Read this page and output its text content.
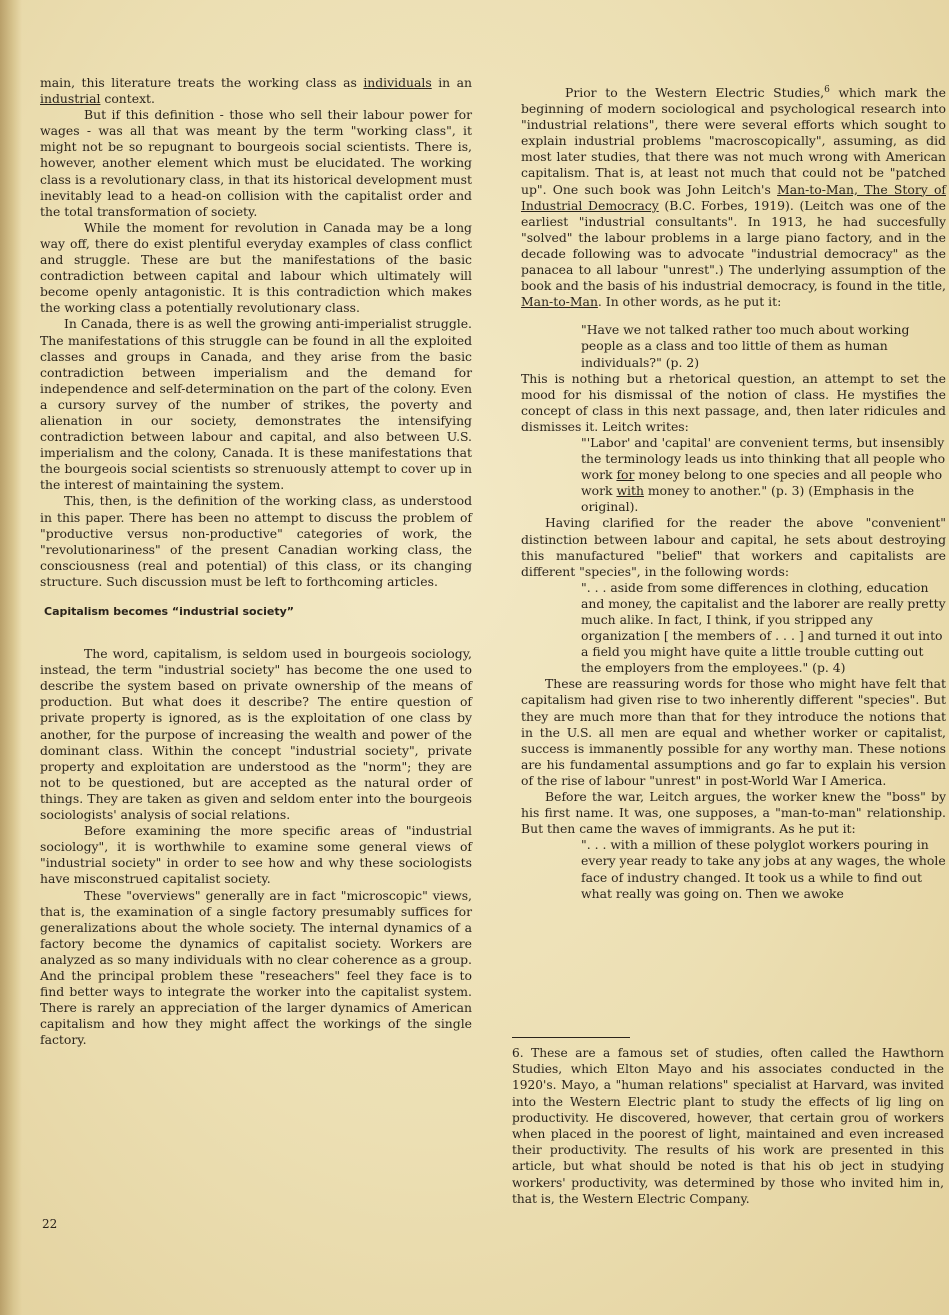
main, this literature treats the working class as individuals in an industrial context.

But if this definition - those who sell their labour power for wages - was all that was meant by the term "working class", it might not be so repugnant to bourgeois social scientists. There is, however, another element which must be elucidated. The working class is a revolutionary class, in that its historical development must inevitably lead to a head-on collision with the capitalist order and the total transformation of society.

While the moment for revolution in Canada may be a long way off, there do exist plentiful everyday examples of class conflict and struggle. These are but the manifestations of the basic contradiction between capital and labour which ultimately will become openly antagonistic. It is this contradiction which makes the working class a potentially revolutionary class.

In Canada, there is as well the growing anti-imperialist struggle. The manifestations of this struggle can be found in all the exploited classes and groups in Canada, and they arise from the basic contradiction between imperialism and the demand for independence and self-determination on the part of the colony. Even a cursory survey of the number of strikes, the poverty and alienation in our society, demonstrates the intensifying contradiction between labour and capital, and also between U.S. imperialism and the colony, Canada. It is these manifestations that the bourgeois social scientists so strenuously attempt to cover up in the interest of maintaining the system.

This, then, is the definition of the working class, as understood in this paper. There has been no attempt to discuss the problem of "productive versus non-productive" categories of work, the "revolutionariness" of the present Canadian working class, the consciousness (real and potential) of this class, or its changing structure. Such discussion must be left to forthcoming articles.

Capitalism becomes “industrial society”

The word, capitalism, is seldom used in bourgeois sociology, instead, the term "industrial society" has become the one used to describe the system based on private ownership of the means of production. But what does it describe? The entire question of private property is ignored, as is the exploitation of one class by another, for the purpose of increasing the wealth and power of the dominant class. Within the concept "industrial society", private property and exploitation are understood as the "norm"; they are not to be questioned, but are accepted as the natural order of things. They are taken as given and seldom enter into the bourgeois sociologists' analysis of social relations.

Before examining the more specific areas of "industrial sociology", it is worthwhile to examine some general views of "industrial society" in order to see how and why these sociologists have misconstrued capitalist society.

These "overviews" generally are in fact "microscopic" views, that is, the examination of a single factory presumably suffices for generalizations about the whole society. The internal dynamics of a factory become the dynamics of capitalist society. Workers are analyzed as so many individuals with no clear coherence as a group. And the principal problem these "reseachers" feel they face is to find better ways to integrate the worker into the capitalist system. There is rarely an appreciation of the larger dynamics of American capitalism and how they might affect the workings of the single factory.

22

Prior to the Western Electric Studies,$^6$ which mark the beginning of modern sociological and psychological research into "industrial relations", there were several efforts which sought to explain industrial problems "macroscopically", assuming, as did most later studies, that there was not much wrong with American capitalism. That is, at least not much that could not be "patched up". One such book was John Leitch's Man-to-Man, The Story of Industrial Democracy (B.C. Forbes, 1919). (Leitch was one of the earliest "industrial consultants". In 1913, he had succesfully "solved" the labour problems in a large piano factory, and in the decade following was to advocate "industrial democracy" as the panacea to all labour "unrest".) The underlying assumption of the book and the basis of his industrial democracy, is found in the title, Man-to-Man. In other words, as he put it:

"Have we not talked rather too much about working people as a class and too little of them as human individuals?" (p. 2)

This is nothing but a rhetorical question, an attempt to set the mood for his dismissal of the notion of class. He mystifies the concept of class in this next passage, and, then later ridicules and dismisses it. Leitch writes:

"'Labor' and 'capital' are convenient terms, but insensibly the terminology leads us into thinking that all people who work for money belong to one species and all people who work with money to another." (p. 3) (Emphasis in the original).

Having clarified for the reader the above "convenient" distinction between labour and capital, he sets about destroying this manufactured "belief" that workers and capitalists are different "species", in the following words:

". . . aside from some differences in clothing, education and money, the capitalist and the laborer are really pretty much alike. In fact, I think, if you stripped any organization [ the members of . . . ] and turned it out into a field you might have quite a little trouble cutting out the employers from the employees." (p. 4)

These are reassuring words for those who might have felt that capitalism had given rise to two inherently different "species". But they are much more than that for they introduce the notions that in the U.S. all men are equal and whether worker or capitalist, success is immanently possible for any worthy man. These notions are his fundamental assumptions and go far to explain his version of the rise of labour "unrest" in post-World War I America.

Before the war, Leitch argues, the worker knew the "boss" by his first name. It was, one supposes, a "man-to-man" relationship. But then came the waves of immigrants. As he put it:

". . . with a million of these polyglot workers pouring in every year ready to take any jobs at any wages, the whole face of industry changed. It took us a while to find out what really was going on. Then we awoke

6. These are a famous set of studies, often called the Hawthorn Studies, which Elton Mayo and his associates conducted in the 1920's. Mayo, a "human relations" specialist at Harvard, was invited into the Western Electric plant to study the effects of lig ling on productivity. He discovered, however, that certain grou of workers when placed in the poorest of light, maintained and even increased their productivity. The results of his work are presented in this article, but what should be noted is that his ob ject in studying workers' productivity, was determined by those who invited him in, that is, the Western Electric Company.
